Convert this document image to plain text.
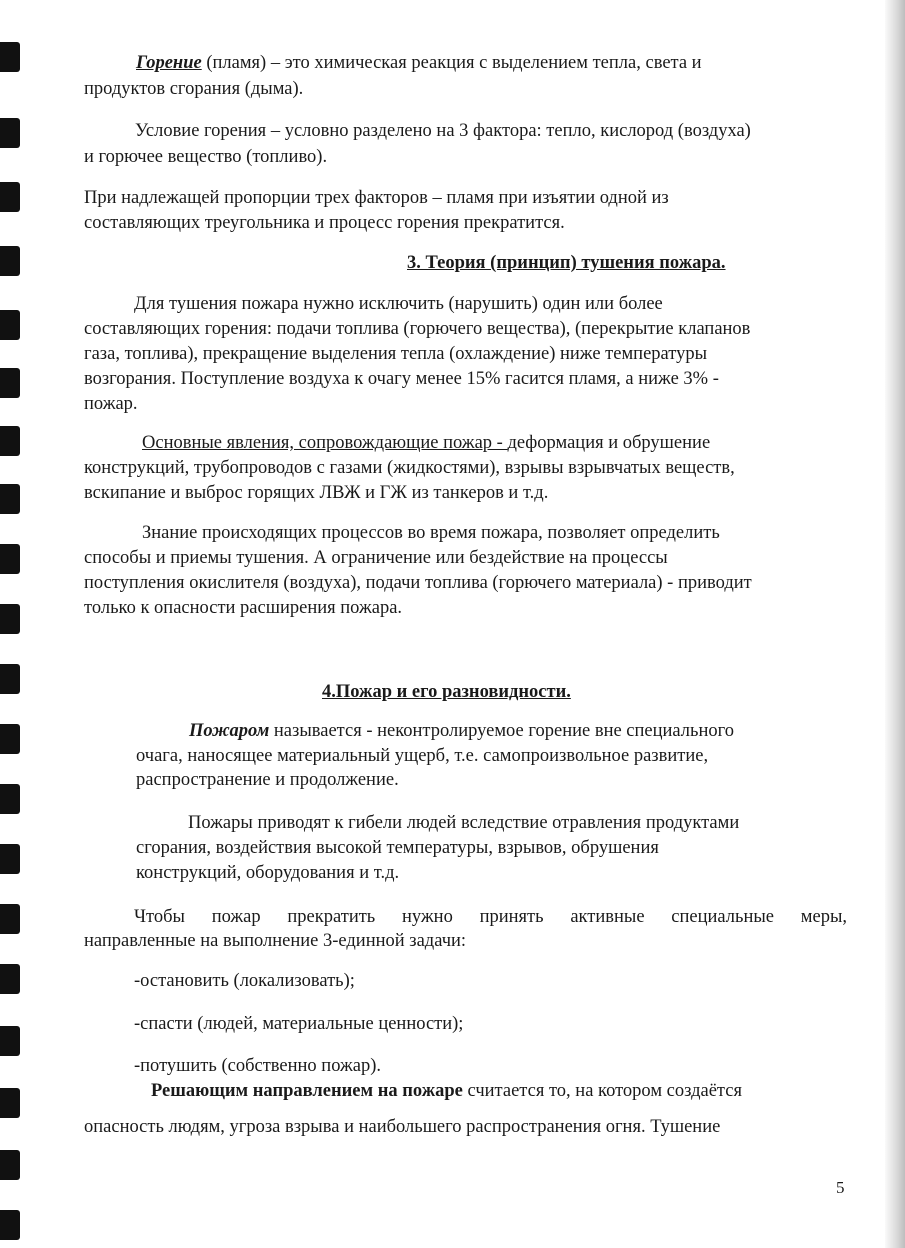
Горение (пламя) – это химическая реакция с выделением тепла, света и
продуктов сгорания (дыма).
Условие горения – условно разделено на 3 фактора: тепло, кислород (воздуха)
и горючее вещество (топливо).
При надлежащей пропорции трех факторов – пламя при изъятии одной из
составляющих треугольника и процесс горения прекратится.
3. Теория (принцип) тушения пожара.
Для тушения пожара нужно исключить (нарушить) один или более
составляющих горения: подачи топлива (горючего вещества), (перекрытие клапанов
газа, топлива), прекращение выделения тепла (охлаждение) ниже температуры
возгорания. Поступление воздуха к очагу менее 15% гасится пламя, а ниже 3% -
пожар.
Основные явления, сопровождающие пожар - деформация и обрушение
конструкций, трубопроводов с газами (жидкостями), взрывы взрывчатых веществ,
вскипание и выброс горящих ЛВЖ и ГЖ из танкеров и т.д.
Знание происходящих процессов во время пожара, позволяет определить
способы и приемы тушения. А ограничение или бездействие на процессы
поступления окислителя (воздуха), подачи топлива (горючего материала) - приводит
только к опасности расширения пожара.
4.Пожар и его разновидности.
Пожаром называется - неконтролируемое горение вне специального
очага, наносящее материальный ущерб, т.е. самопроизвольное развитие,
распространение и продолжение.
Пожары приводят к гибели людей вследствие отравления продуктами
сгорания, воздействия высокой температуры, взрывов, обрушения
конструкций, оборудования и т.д.
Чтобы пожар прекратить нужно принять активные специальные меры,
направленные на выполнение 3-единной задачи:
-остановить (локализовать);
-спасти (людей, материальные ценности);
-потушить (собственно пожар).
Решающим направлением на пожаре считается то, на котором создаётся
опасность людям, угроза взрыва и наибольшего распространения огня. Тушение
5
